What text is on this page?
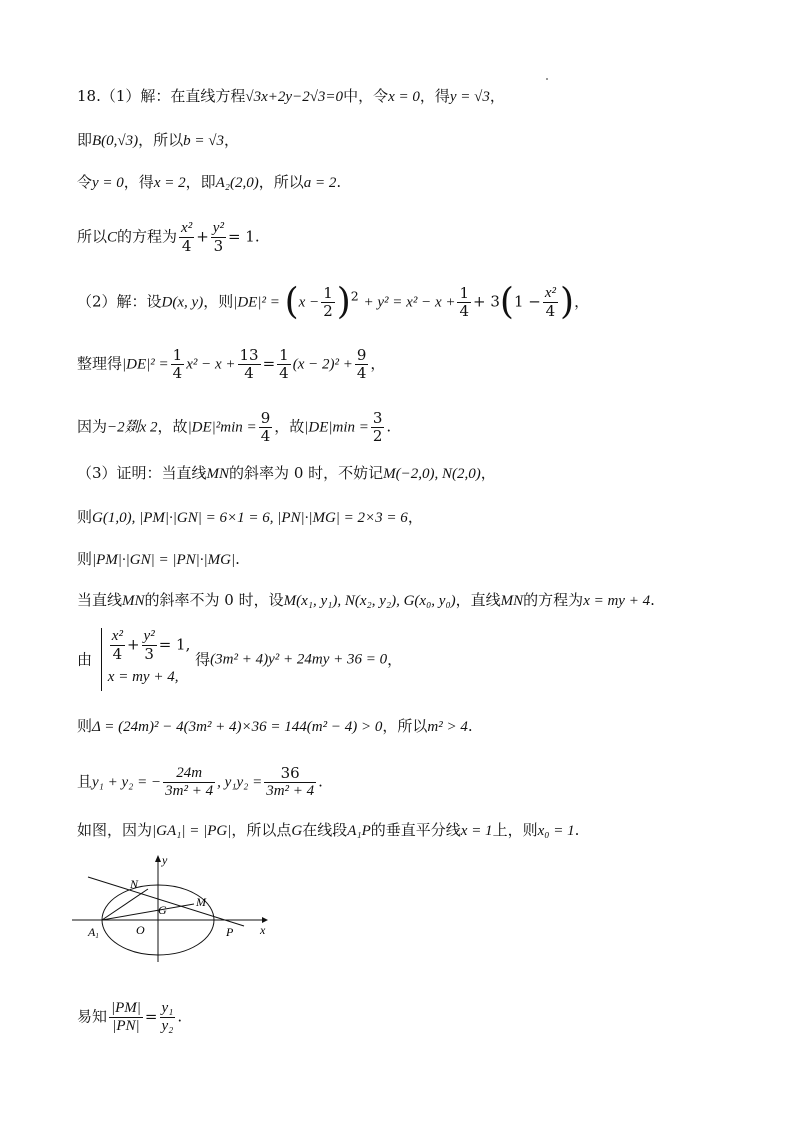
18.（1）解：在直线方程√3x+2y−2√3=0中，令x = 0，得y = √3，
即B(0,√3)，所以b = √3，
令y = 0，得x = 2，即A₂(2,0)，所以a = 2.
所以C的方程为 $\frac{\text{x²}}{4} + \frac{\text{y²}}{3} = 1$.
（2）解：设D(x, y)，则$|DE|^2 = (x - \frac{1}{2} )^2 + y^2 = x^2 - x + \frac{1}{4} + 3(1 - \frac{\text{x²}}{4}$ )，
整理得$|DE|^2 = \frac{1}{4} x^2 - x + \frac{13}{4} = \frac{1}{4} (x - 2)^2 + \frac{9}{4}$ ，
因为−2剟x 2，故$|DE|^2\min = \frac{9}{4}$ ，故$|DE|\min = \frac{3}{2}$ .
（3）证明：当直线MN的斜率为 0 时，不妨记M(−2,0), N(2,0)，
则G(1,0), |PM|·|GN| = 6×1 = 6, |PN|·|MG| = 2×3 = 6，
则|PM|·|GN| = |PN|·|MG|.
当直线MN的斜率不为 0 时，设M(x₁, y₁), N(x₂, y₂), G(x₀, y₀)，直线MN的方程为x = my + 4.
由 $\frac{\text{x²}}{4} + \frac{\text{y²}}{3} = 1$,
x = my + 4,
得(3m² + 4)y² + 24my + 36 = 0，
则Δ = (24m)² − 4(3m² + 4)×36 = 144(m² − 4) > 0，所以m² > 4.
且y₁ + y₂ = − $\frac{24m}{\text{3m² + 4}}$ , $y_1y_2 = \frac{36}{\text{3m² + 4}}$ .
如图，因为|GA₁| = |PG|，所以点G在线段A₁P的垂直平分线x = 1上，则x₀ = 1.
y
x
N
M
G
O
A1	P
易知 $\frac{|PM|}{|PN|} = \frac{\text{y₁}}{\text{y₂}}$ .
